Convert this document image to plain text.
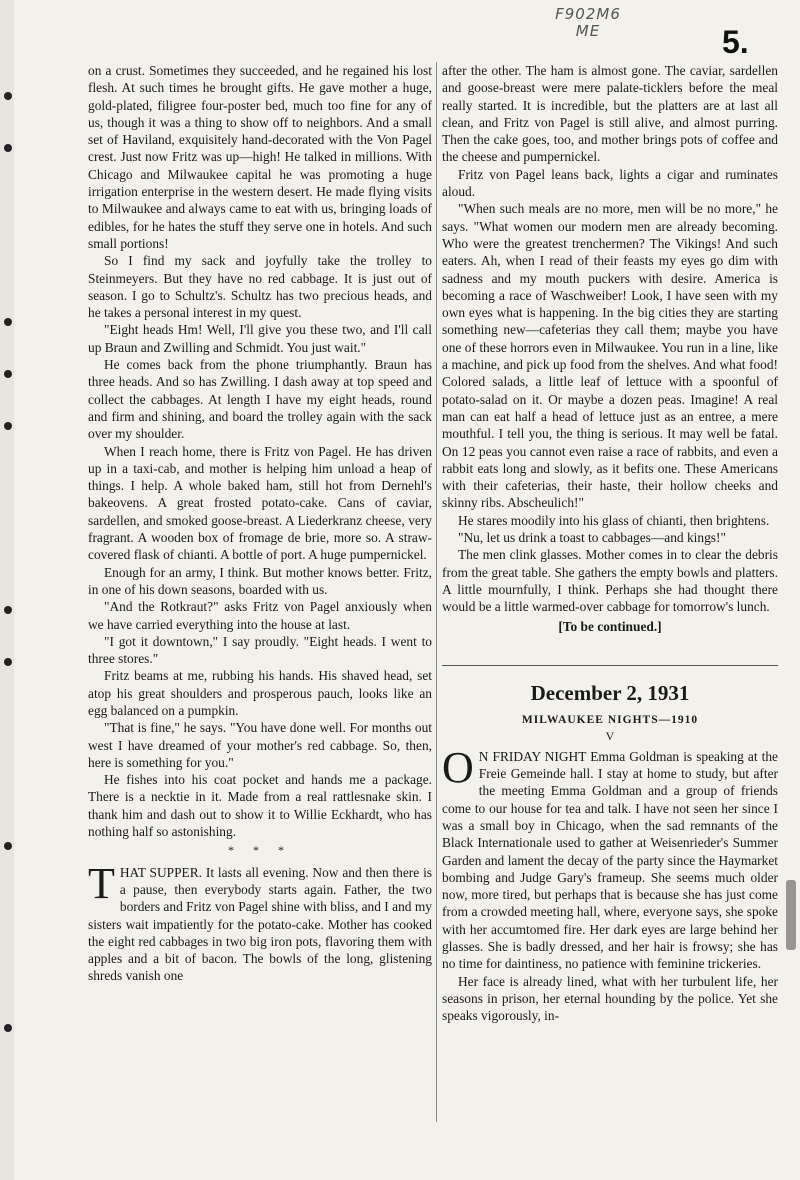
F902M6
ME	5.

on a crust. Sometimes they succeeded, and he regained his lost flesh. At such times he brought gifts. He gave mother a huge, gold-plated, filigree four-poster bed, much too fine for any of us, though it was a thing to show off to neighbors. And a small set of Haviland, exquisitely hand-decorated with the Von Pagel crest. Just now Fritz was up—high! He talked in millions. With Chicago and Milwaukee capital he was promoting a huge irrigation enterprise in the western desert. He made flying visits to Milwaukee and always came to eat with us, bringing loads of edibles, for he hates the stuff they serve one in hotels. And such small portions!

So I find my sack and joyfully take the trolley to Steinmeyers. But they have no red cabbage. It is just out of season. I go to Schultz's. Schultz has two precious heads, and he takes a personal interest in my quest.

"Eight heads Hm! Well, I'll give you these two, and I'll call up Braun and Zwilling and Schmidt. You just wait."

He comes back from the phone triumphantly. Braun has three heads. And so has Zwilling. I dash away at top speed and collect the cabbages. At length I have my eight heads, round and firm and shining, and board the trolley again with the sack over my shoulder.

When I reach home, there is Fritz von Pagel. He has driven up in a taxi-cab, and mother is helping him unload a heap of things. I help. A whole baked ham, still hot from Dernehl's bakeovens. A great frosted potato-cake. Cans of caviar, sardellen, and smoked goose-breast. A Liederkranz cheese, very fragrant. A wooden box of fromage de brie, more so. A straw-covered flask of chianti. A bottle of port. A huge pumpernickel.

Enough for an army, I think. But mother knows better. Fritz, in one of his down seasons, boarded with us.

"And the Rotkraut?" asks Fritz von Pagel anxiously when we have carried everything into the house at last.

"I got it downtown," I say proudly. "Eight heads. I went to three stores."

Fritz beams at me, rubbing his hands. His shaved head, set atop his great shoulders and prosperous pauch, looks like an egg balanced on a pumpkin.

"That is fine," he says. "You have done well. For months out west I have dreamed of your mother's red cabbage. So, then, here is something for you."

He fishes into his coat pocket and hands me a package. There is a necktie in it. Made from a real rattlesnake skin. I thank him and dash out to show it to Willie Eckhardt, who has nothing half so astonishing.

* * *

THAT SUPPER. It lasts all evening. Now and then there is a pause, then everybody starts again. Father, the two borders and Fritz von Pagel shine with bliss, and I and my sisters wait impatiently for the potato-cake. Mother has cooked the eight red cabbages in two big iron pots, flavoring them with apples and a bit of bacon. The bowls of the long, glistening shreds vanish one

after the other. The ham is almost gone. The caviar, sardellen and goose-breast were mere palate-ticklers before the meal really started. It is incredible, but the platters are at last all clean, and Fritz von Pagel is still alive, and almost purring. Then the cake goes, too, and mother brings pots of coffee and the cheese and pumpernickel.

Fritz von Pagel leans back, lights a cigar and ruminates aloud.

"When such meals are no more, men will be no more," he says. "What women our modern men are already becoming. Who were the greatest trenchermen? The Vikings! And such eaters. Ah, when I read of their feasts my eyes go dim with sadness and my mouth puckers with desire. America is becoming a race of Waschweiber! Look, I have seen with my own eyes what is happening. In the big cities they are starting something new—cafeterias they call them; maybe you have one of these horrors even in Milwaukee. You run in a line, like a machine, and pick up food from the shelves. And what food! Colored salads, a little leaf of lettuce with a spoonful of potato-salad on it. Or maybe a dozen peas. Imagine! A real man can eat half a head of lettuce just as an entree, a mere mouthful. I tell you, the thing is serious. It may well be fatal. On 12 peas you cannot even raise a race of rabbits, and even a rabbit eats long and slowly, as it befits one. These Americans with their cafeterias, their haste, their hollow cheeks and skinny ribs. Abscheulich!"

He stares moodily into his glass of chianti, then brightens.

"Nu, let us drink a toast to cabbages—and kings!"

The men clink glasses. Mother comes in to clear the debris from the great table. She gathers the empty bowls and platters. A little mournfully, I think. Perhaps she had thought there would be a little warmed-over cabbage for tomorrow's lunch.

[To be continued.]

December 2, 1931
MILWAUKEE NIGHTS—1910
V

O N FRIDAY NIGHT Emma Goldman is speaking at the Freie Gemeinde hall. I stay at home to study, but after the meeting Emma Goldman and a group of friends come to our house for tea and talk. I have not seen her since I was a small boy in Chicago, when the sad remnants of the Black Internationale used to gather at Weisenrieder's Summer Garden and lament the decay of the party since the Haymarket bombing and Judge Gary's frameup. She seems much older now, more tired, but perhaps that is because she has just come from a crowded meeting hall, where, everyone says, she spoke with her accumtomed fire. Her dark eyes are large behind her glasses. She is badly dressed, and her hair is frowsy; she has no time for daintiness, no patience with feminine trickeries.

Her face is already lined, what with her turbulent life, her seasons in prison, her eternal hounding by the police. Yet she speaks vigorously, in-
